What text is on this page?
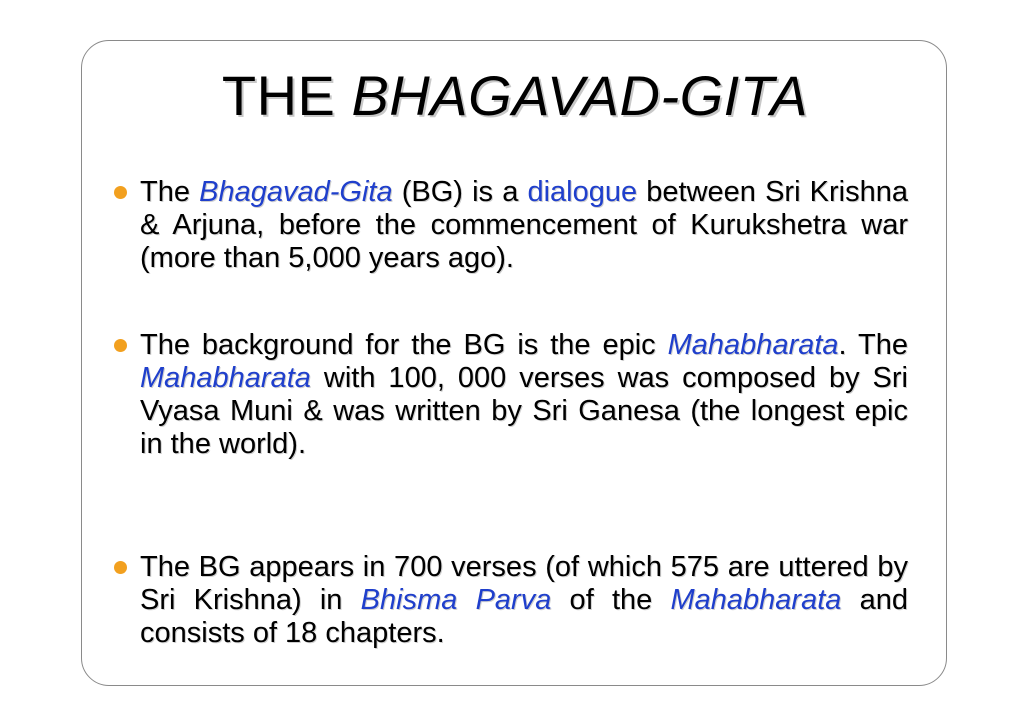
THE BHAGAVAD-GITA
The Bhagavad-Gita (BG) is a dialogue between Sri Krishna & Arjuna, before the commencement of Kurukshetra war (more than 5,000 years ago).
The background for the BG is the epic Mahabharata. The Mahabharata with 100, 000 verses was composed by Sri Vyasa Muni & was written by Sri Ganesa (the longest epic in the world).
The BG appears in 700 verses (of which 575 are uttered by Sri Krishna) in Bhisma Parva of the Mahabharata and consists of 18 chapters.
